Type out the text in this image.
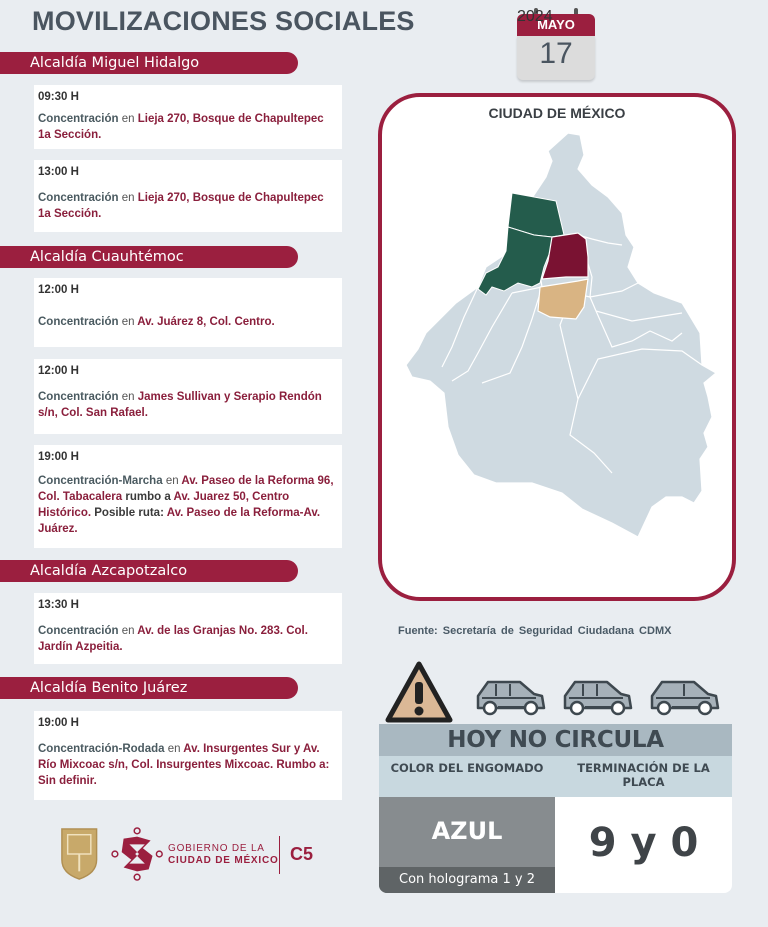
MOVILIZACIONES SOCIALES	MAYO
17
2024
Alcaldía Miguel Hidalgo
09:30 H
Concentración en Lieja 270, Bosque de Chapultepec 1a Sección.
13:00 H
Concentración en Lieja 270, Bosque de Chapultepec 1a Sección.
Alcaldía Cuauhtémoc
12:00 H
Concentración en Av. Juárez 8, Col. Centro.
12:00 H
Concentración en James Sullivan y Serapio Rendón s/n, Col. San Rafael.
19:00 H
Concentración-Marcha en Av. Paseo de la Reforma 96, Col. Tabacalera rumbo a Av. Juarez 50, Centro Histórico. Posible ruta: Av. Paseo de la Reforma-Av. Juárez.
Alcaldía Azcapotzalco
13:30 H
Concentración en Av. de las Granjas No. 283. Col. Jardín Azpeitia.
Alcaldía Benito Juárez
19:00 H
Concentración-Rodada en Av. Insurgentes Sur y Av. Río Mixcoac s/n, Col. Insurgentes Mixcoac. Rumbo a: Sin definir.
CIUDAD DE MÉXICO
Fuente: Secretaría de Seguridad Ciudadana CDMX
HOY NO CIRCULA
COLOR DEL ENGOMADO	TERMINACIÓN DE LA PLACA
AZUL
Con holograma 1 y 2
9 y 0
GOBIERNO DE LA
CIUDAD DE MÉXICO C5
